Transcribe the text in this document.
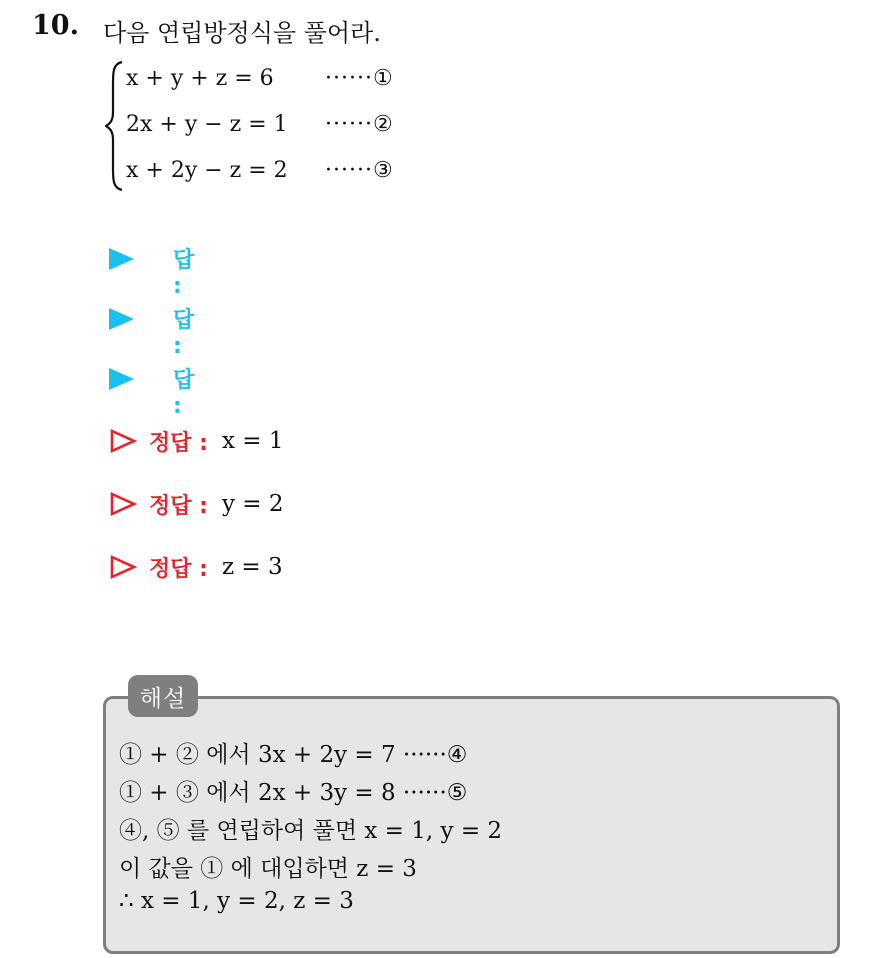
10. 다음 연립방정식을 풀어라.
x + y + z = 6 ······①
2x + y − z = 1 ······②
x + 2y − z = 2 ······③
답 :
답 :
답 :
정답 : x = 1
정답 : y = 2
정답 : z = 3
해설
① + ② 에서 3x + 2y = 7 ······④
① + ③ 에서 2x + 3y = 8 ······⑤
④, ⑤ 를 연립하여 풀면 x = 1, y = 2
이 값을 ① 에 대입하면 z = 3
∴ x = 1, y = 2, z = 3
